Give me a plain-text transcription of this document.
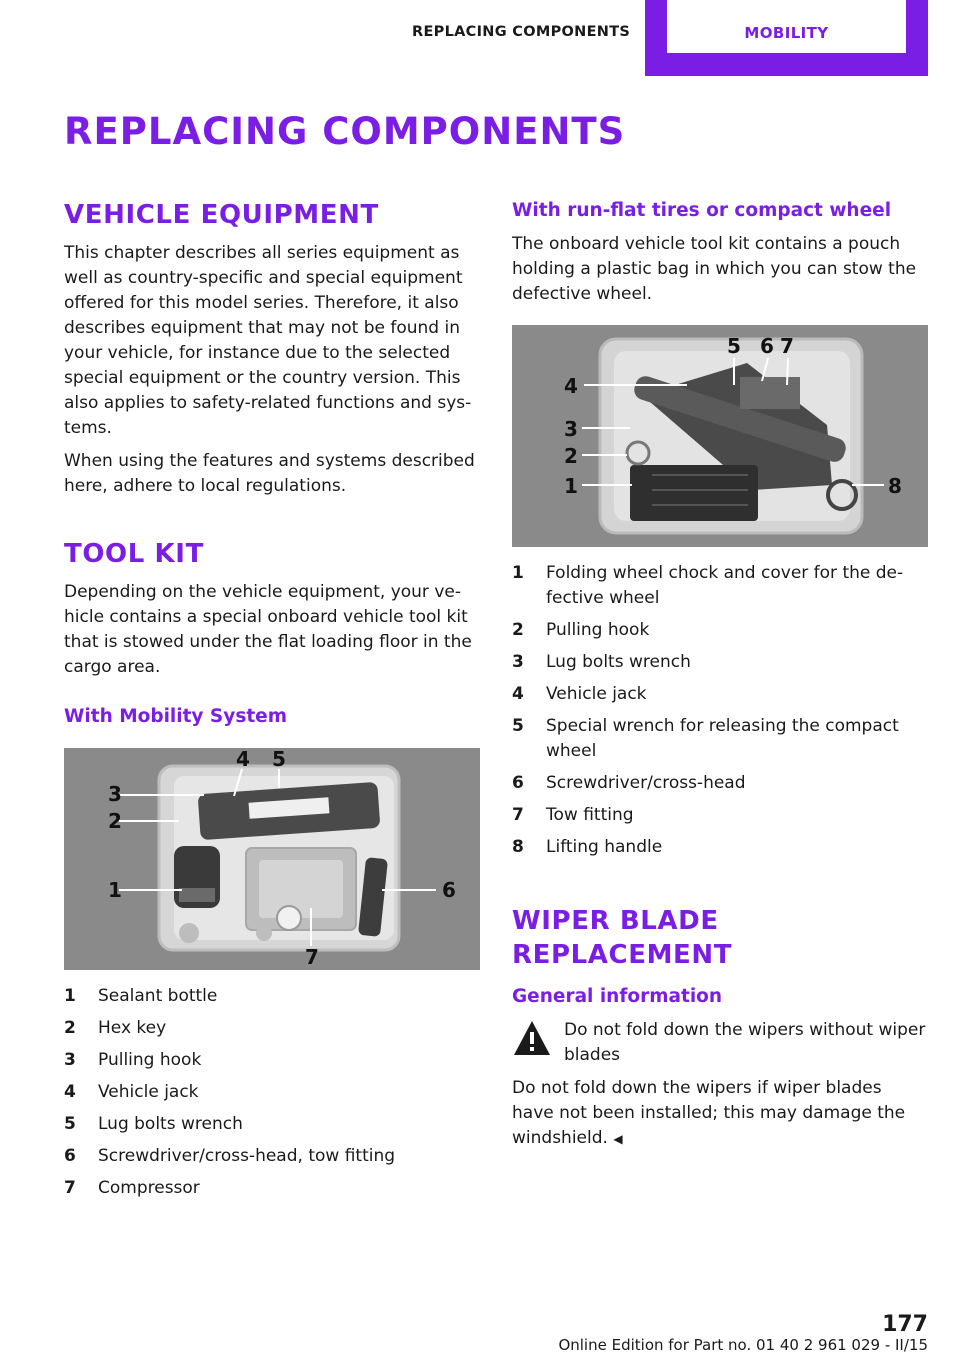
REPLACING COMPONENTS	MOBILITY
REPLACING COMPONENTS
VEHICLE EQUIPMENT

This chapter describes all series equipment as well as country-specific and special equipment offered for this model series. Therefore, it also describes equipment that may not be found in your vehicle, for instance due to the selected special equipment or the country version. This also applies to safety-related functions and sys‐tems.

When using the features and systems described here, adhere to local regulations.

TOOL KIT

Depending on the vehicle equipment, your ve‐hicle contains a special onboard vehicle tool kit that is stowed under the flat loading floor in the cargo area.

With Mobility System
3
2
1
4 5
6
7
1	Sealant bottle
2	Hex key
3	Pulling hook
4	Vehicle jack
5	Lug bolts wrench
6	Screwdriver/cross-head, tow fitting
7	Compressor
With run-flat tires or compact wheel

The onboard vehicle tool kit contains a pouch holding a plastic bag in which you can stow the defective wheel.

4
3
2
1
5 6 7
8
1	Folding wheel chock and cover for the de‐fective wheel
2	Pulling hook
3	Lug bolts wrench
4	Vehicle jack
5	Special wrench for releasing the compact wheel
6	Screwdriver/cross-head
7	Tow fitting
8	Lifting handle
WIPER BLADE REPLACEMENT
General information
Do not fold down the wipers without wiper blades

Do not fold down the wipers if wiper blades have not been installed; this may damage the windshield. ◀

177
Online Edition for Part no. 01 40 2 961 029 - II/15
